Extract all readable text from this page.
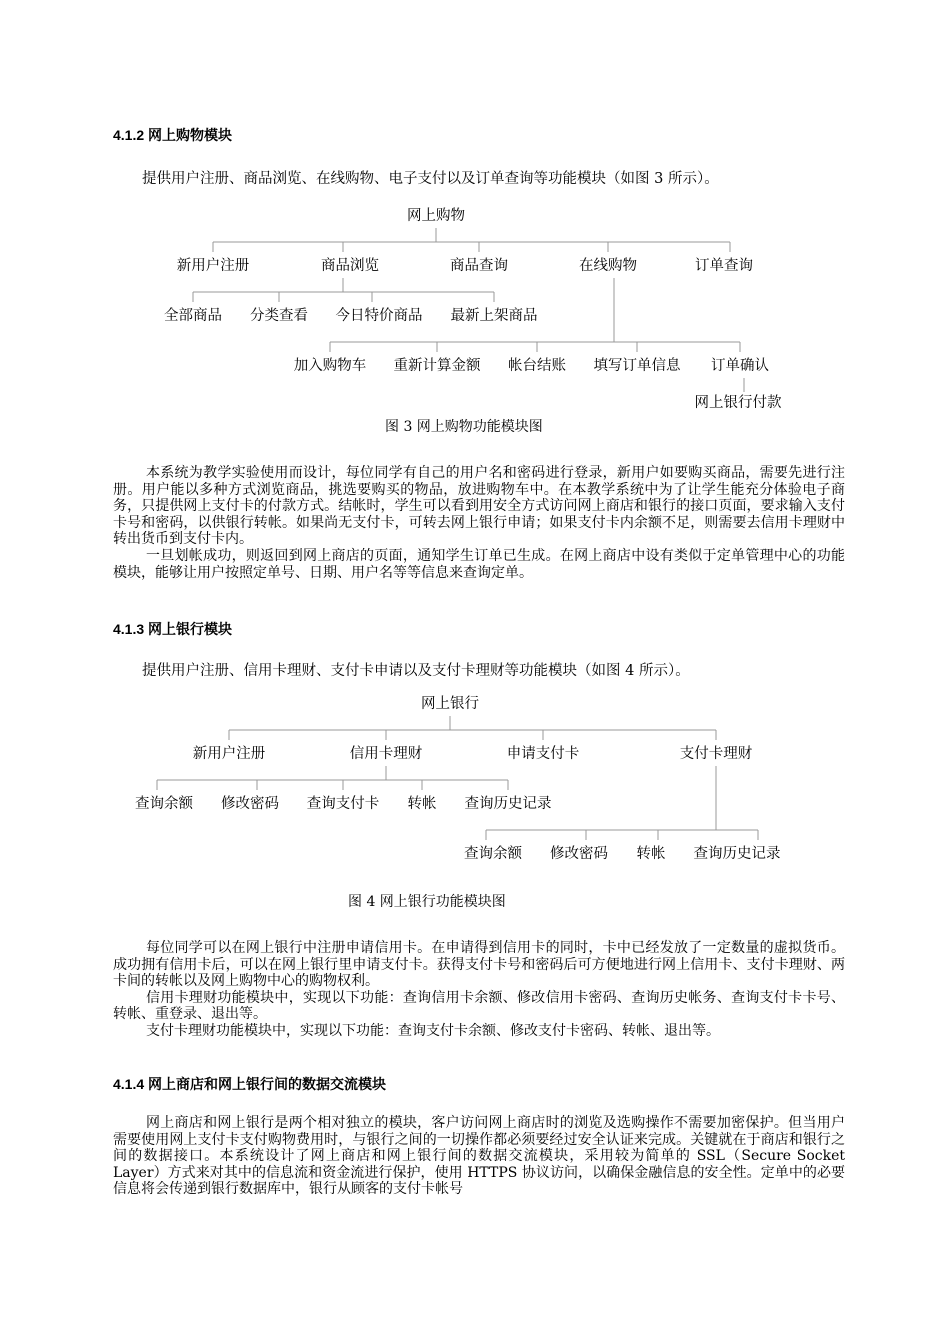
4.1.2 网上购物模块
提供用户注册、商品浏览、在线购物、电子支付以及订单查询等功能模块（如图 3 所示）。
网上购物
新用户注册	商品浏览	商品查询	在线购物	订单查询
全部商品 分类查看 今日特价商品 最新上架商品
加入购物车 重新计算金额 帐台结账 填写订单信息 订单确认
网上银行付款
图 3 网上购物功能模块图

本系统为教学实验使用而设计，每位同学有自己的用户名和密码进行登录，新用户如要购买商品，需要先进行注册。用户能以多种方式浏览商品，挑选要购买的物品，放进购物车中。在本教学系统中为了让学生能充分体验电子商务，只提供网上支付卡的付款方式。结帐时，学生可以看到用安全方式访问网上商店和银行的接口页面，要求输入支付卡号和密码，以供银行转帐。如果尚无支付卡，可转去网上银行申请；如果支付卡内余额不足，则需要去信用卡理财中转出货币到支付卡内。

一旦划帐成功，则返回到网上商店的页面，通知学生订单已生成。在网上商店中设有类似于定单管理中心的功能模块，能够让用户按照定单号、日期、用户名等等信息来查询定单。

4.1.3 网上银行模块
提供用户注册、信用卡理财、支付卡申请以及支付卡理财等功能模块（如图 4 所示）。
网上银行
新用户注册	信用卡理财	申请支付卡	支付卡理财
查询余额 修改密码 查询支付卡 转帐 查询历史记录
查询余额 修改密码 转帐 查询历史记录
图 4 网上银行功能模块图

每位同学可以在网上银行中注册申请信用卡。在申请得到信用卡的同时，卡中已经发放了一定数量的虚拟货币。成功拥有信用卡后，可以在网上银行里申请支付卡。获得支付卡号和密码后可方便地进行网上信用卡、支付卡理财、两卡间的转帐以及网上购物中心的购物权利。

信用卡理财功能模块中，实现以下功能：查询信用卡余额、修改信用卡密码、查询历史帐务、查询支付卡卡号、转帐、重登录、退出等。

支付卡理财功能模块中，实现以下功能：查询支付卡余额、修改支付卡密码、转帐、退出等。

4.1.4 网上商店和网上银行间的数据交流模块

网上商店和网上银行是两个相对独立的模块，客户访问网上商店时的浏览及选购操作不需要加密保护。但当用户需要使用网上支付卡支付购物费用时，与银行之间的一切操作都必须要经过安全认证来完成。关键就在于商店和银行之间的数据接口。本系统设计了网上商店和网上银行间的数据交流模块，采用较为简单的 SSL（Secure Socket Layer）方式来对其中的信息流和资金流进行保护，使用 HTTPS 协议访问，以确保金融信息的安全性。定单中的必要信息将会传递到银行数据库中，银行从顾客的支付卡帐号
